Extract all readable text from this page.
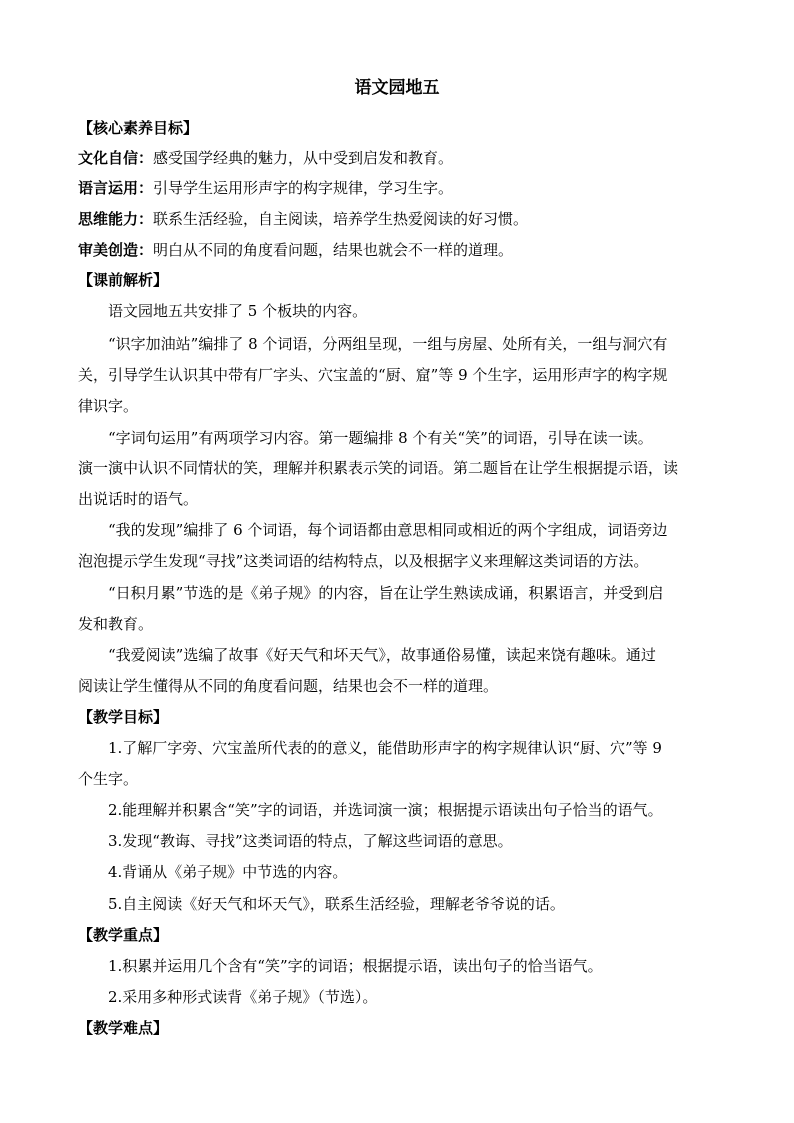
语文园地五
【核心素养目标】
文化自信：感受国学经典的魅力，从中受到启发和教育。
语言运用：引导学生运用形声字的构字规律，学习生字。
思维能力：联系生活经验，自主阅读，培养学生热爱阅读的好习惯。
审美创造：明白从不同的角度看问题，结果也就会不一样的道理。
【课前解析】
语文园地五共安排了 5 个板块的内容。
“识字加油站”编排了 8 个词语，分两组呈现，一组与房屋、处所有关，一组与洞穴有
关，引导学生认识其中带有厂字头、穴宝盖的“厨、窟”等 9 个生字，运用形声字的构字规
律识字。
“字词句运用”有两项学习内容。第一题编排 8 个有关“笑”的词语，引导在读一读。
演一演中认识不同情状的笑，理解并积累表示笑的词语。第二题旨在让学生根据提示语，读
出说话时的语气。
“我的发现”编排了 6 个词语，每个词语都由意思相同或相近的两个字组成，词语旁边
泡泡提示学生发现“寻找”这类词语的结构特点，以及根据字义来理解这类词语的方法。
“日积月累”节选的是《弟子规》的内容，旨在让学生熟读成诵，积累语言，并受到启
发和教育。
“我爱阅读”选编了故事《好天气和坏天气》，故事通俗易懂，读起来饶有趣味。通过
阅读让学生懂得从不同的角度看问题，结果也会不一样的道理。
【教学目标】
1.了解厂字旁、穴宝盖所代表的的意义，能借助形声字的构字规律认识“厨、穴”等 9
个生字。
2.能理解并积累含“笑”字的词语，并选词演一演；根据提示语读出句子恰当的语气。
3.发现“教诲、寻找”这类词语的特点，了解这些词语的意思。
4.背诵从《弟子规》中节选的内容。
5.自主阅读《好天气和坏天气》，联系生活经验，理解老爷爷说的话。
【教学重点】
1.积累并运用几个含有“笑”字的词语；根据提示语，读出句子的恰当语气。
2.采用多种形式读背《弟子规》（节选）。
【教学难点】
